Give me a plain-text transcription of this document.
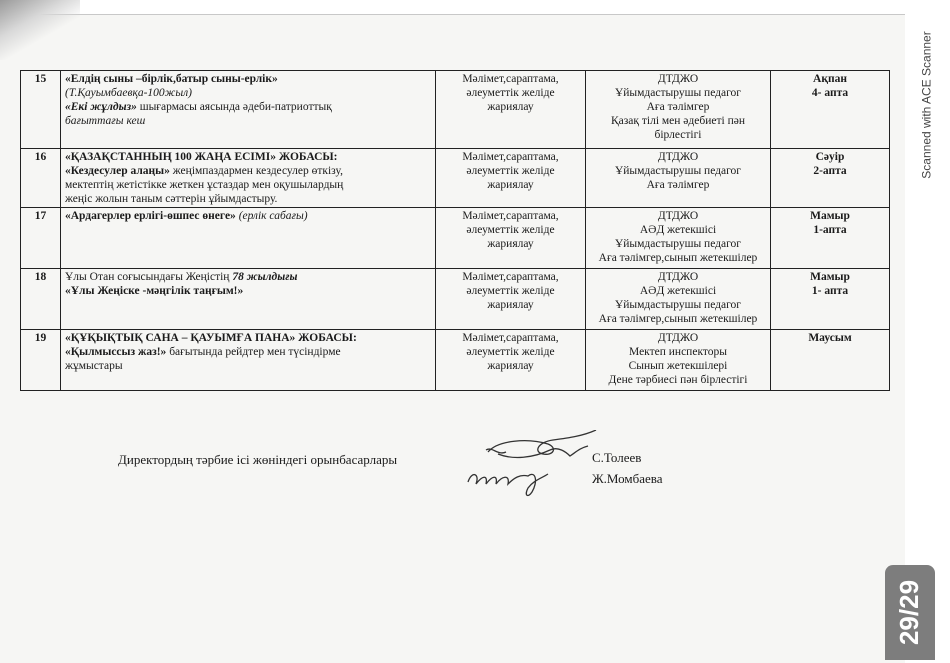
Scanned with ACE Scanner
29/29
15	«Елдің сыны –бірлік,батыр сыны-ерлік»
(Т.Қауымбаевқа-100жыл)
«Екі жұлдыз» шығармасы аясында әдеби-патриоттық
бағыттағы кеш	Мәлімет,сараптама,
әлеуметтік желіде
жариялау	ДТДЖО
Ұйымдастырушы педагог
Аға тәлімгер
Қазақ тілі мен әдебиеті пән
бірлестігі	Ақпан
4- апта

16	«ҚАЗАҚСТАННЫҢ 100 ЖАҢА ЕСІМІ» ЖОБАСЫ:
«Кездесулер алаңы» жеңімпаздармен кездесулер өткізу,
мектептің жетістікке жеткен ұстаздар мен оқушылардың
жеңіс жолын таным сәттерін ұйымдастыру.	Мәлімет,сараптама,
әлеуметтік желіде
жариялау	ДТДЖО
Ұйымдастырушы педагог
Аға тәлімгер	Сәуір
2-апта

17	«Ардагерлер ерлігі-өшпес өнеге» (ерлік сабағы)	Мәлімет,сараптама,
әлеуметтік желіде
жариялау	ДТДЖО
АӘД жетекшісі
Ұйымдастырушы педагог
Аға тәлімгер,сынып жетекшілер	Мамыр
1-апта

18	Ұлы Отан соғысындағы Жеңістің 78 жылдығы
«Ұлы Жеңіске -мәңгілік таңғым!»	Мәлімет,сараптама,
әлеуметтік желіде
жариялау	ДТДЖО
АӘД жетекшісі
Ұйымдастырушы педагог
Аға тәлімгер,сынып жетекшілер	Мамыр
1- апта

19	«ҚҰҚЫҚТЫҚ САНА – ҚАУЫМҒА ПАНА» ЖОБАСЫ:
«Қылмыссыз жаз!» бағытында рейдтер мен түсіндірме
жұмыстары	Мәлімет,сараптама,
әлеуметтік желіде
жариялау	ДТДЖО
Мектеп инспекторы
Сынып жетекшілері
Дене тәрбиесі пән бірлестігі	Маусым
Директордың тәрбие ісі жөніндегі орынбасарлары	С.Толеев
Ж.Момбаева
